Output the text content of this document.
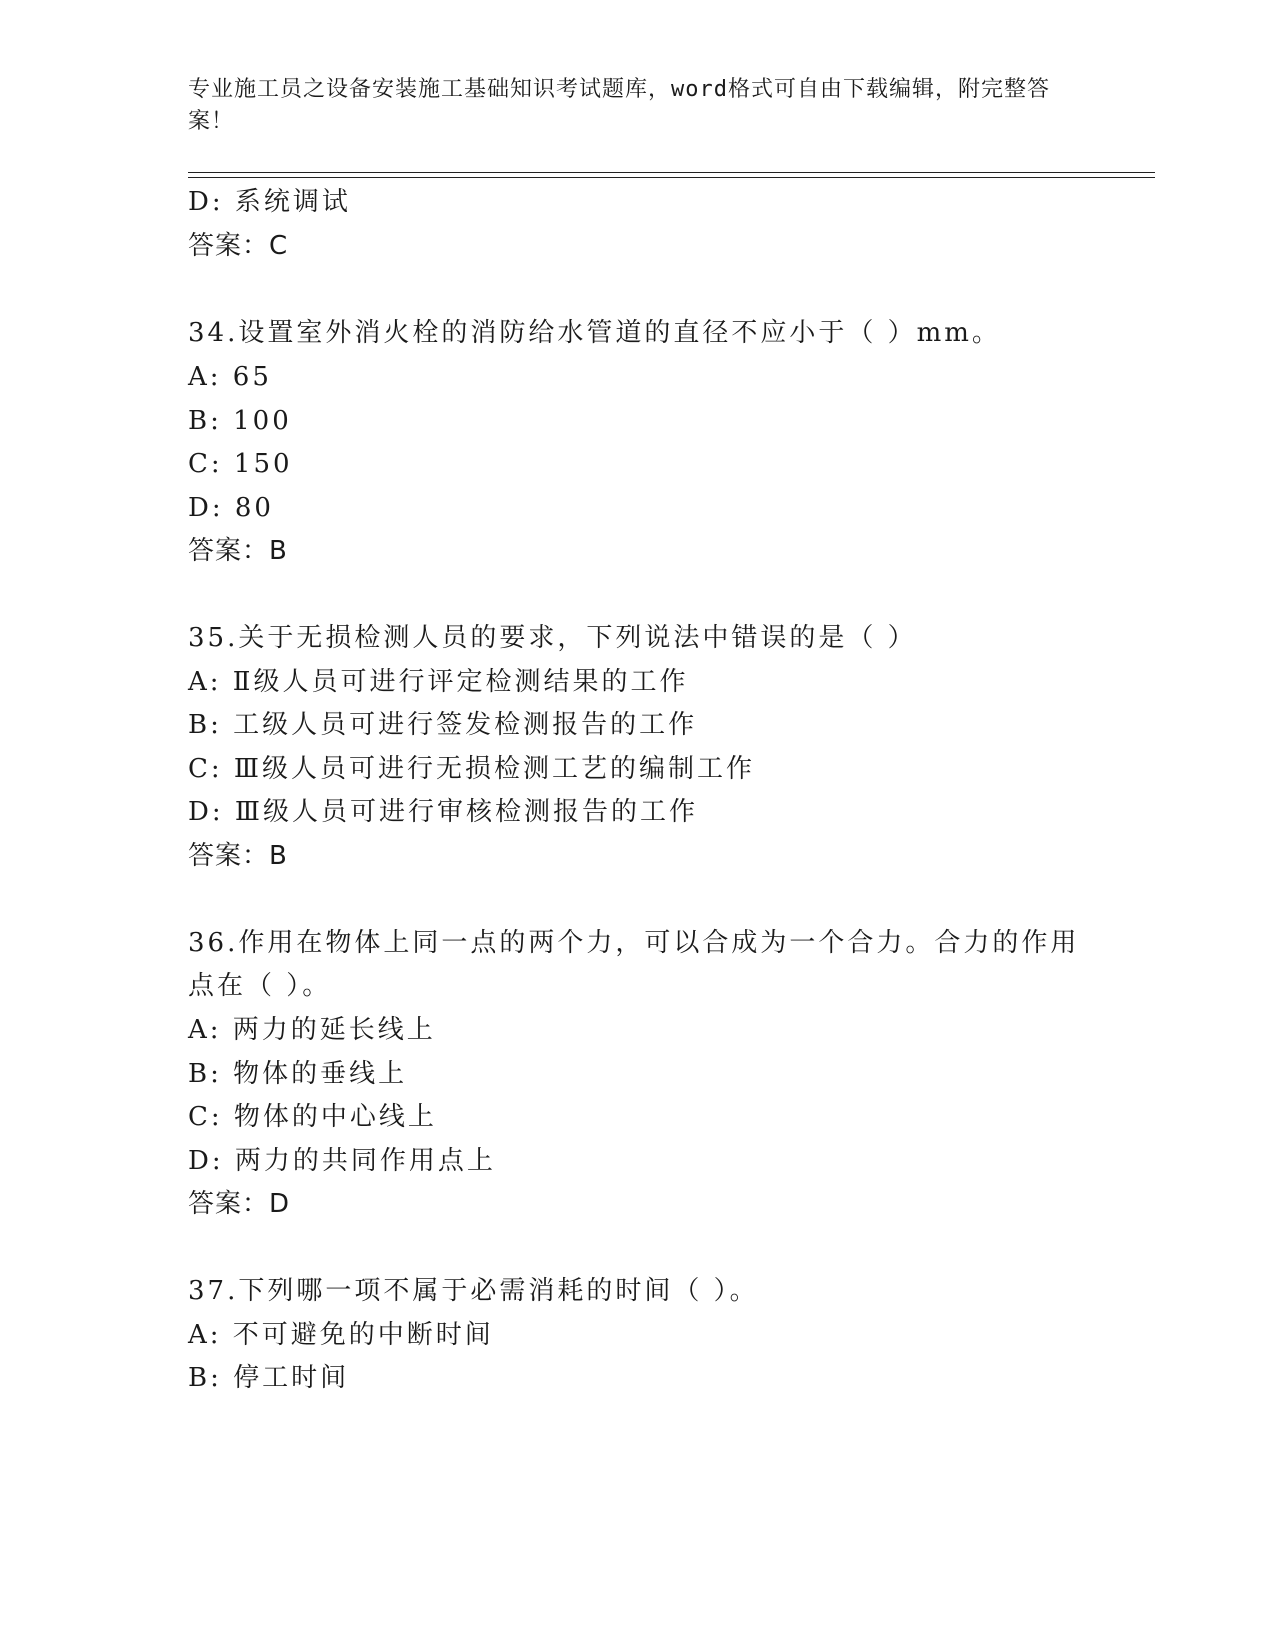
专业施工员之设备安装施工基础知识考试题库，word格式可自由下载编辑，附完整答案！
D: 系统调试
答案：C
34.设置室外消火栓的消防给水管道的直径不应小于（ ）mm。
A: 65
B: 100
C: 150
D: 80
答案：B
35.关于无损检测人员的要求，下列说法中错误的是（ ）
A: Ⅱ级人员可进行评定检测结果的工作
B: 工级人员可进行签发检测报告的工作
C: Ⅲ级人员可进行无损检测工艺的编制工作
D: Ⅲ级人员可进行审核检测报告的工作
答案：B
36.作用在物体上同一点的两个力，可以合成为一个合力。合力的作用
点在（ ）。
A: 两力的延长线上
B: 物体的垂线上
C: 物体的中心线上
D: 两力的共同作用点上
答案：D
37.下列哪一项不属于必需消耗的时间（ ）。
A: 不可避免的中断时间
B: 停工时间
